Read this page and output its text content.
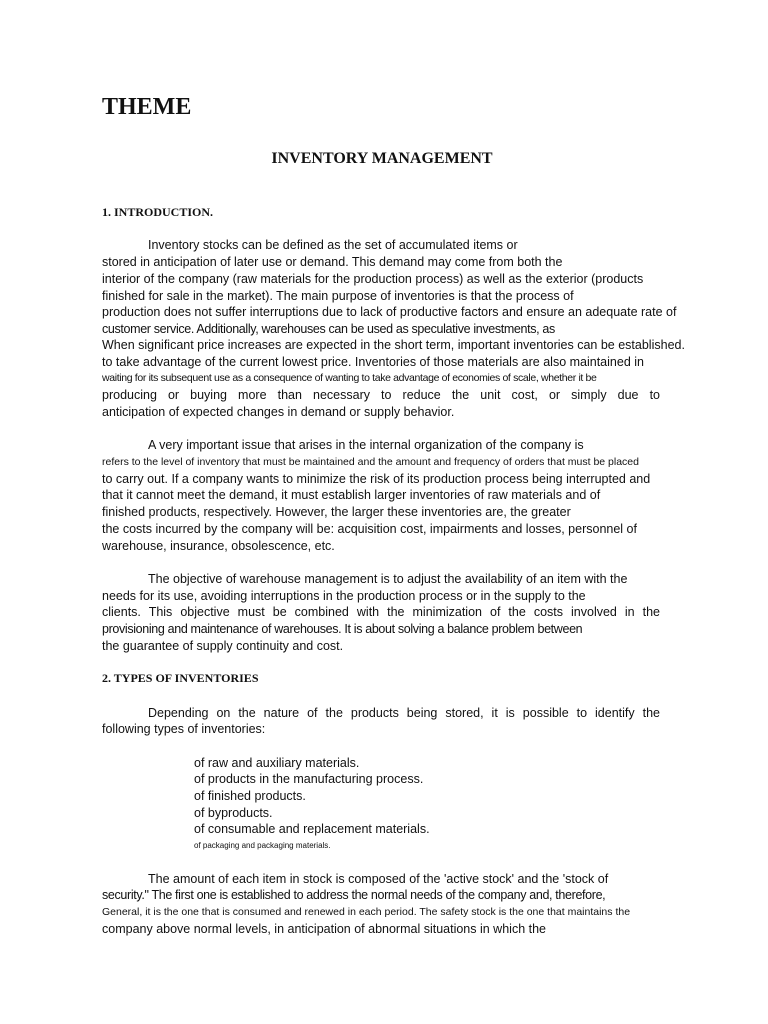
THEME
INVENTORY MANAGEMENT
1. INTRODUCTION.
Inventory stocks can be defined as the set of accumulated items or
stored in anticipation of later use or demand. This demand may come from both the
interior of the company (raw materials for the production process) as well as the exterior (products
finished for sale in the market). The main purpose of inventories is that the process of
production does not suffer interruptions due to lack of productive factors and ensure an adequate rate of
customer service. Additionally, warehouses can be used as speculative investments, as
When significant price increases are expected in the short term, important inventories can be established.
to take advantage of the current lowest price. Inventories of those materials are also maintained in
waiting for its subsequent use as a consequence of wanting to take advantage of economies of scale, whether it be
producing or buying more than necessary to reduce the unit cost, or simply due to
anticipation of expected changes in demand or supply behavior.
A very important issue that arises in the internal organization of the company is
refers to the level of inventory that must be maintained and the amount and frequency of orders that must be placed
to carry out. If a company wants to minimize the risk of its production process being interrupted and
that it cannot meet the demand, it must establish larger inventories of raw materials and of
finished products, respectively. However, the larger these inventories are, the greater
the costs incurred by the company will be: acquisition cost, impairments and losses, personnel of
warehouse, insurance, obsolescence, etc.
The objective of warehouse management is to adjust the availability of an item with the
needs for its use, avoiding interruptions in the production process or in the supply to the
clients. This objective must be combined with the minimization of the costs involved in the
provisioning and maintenance of warehouses. It is about solving a balance problem between
the guarantee of supply continuity and cost.
2. TYPES OF INVENTORIES
Depending on the nature of the products being stored, it is possible to identify the
following types of inventories:
of raw and auxiliary materials.
of products in the manufacturing process.
of finished products.
of byproducts.
of consumable and replacement materials.
of packaging and packaging materials.
The amount of each item in stock is composed of the 'active stock' and the 'stock of
security." The first one is established to address the normal needs of the company and, therefore,
General, it is the one that is consumed and renewed in each period. The safety stock is the one that maintains the
company above normal levels, in anticipation of abnormal situations in which the
